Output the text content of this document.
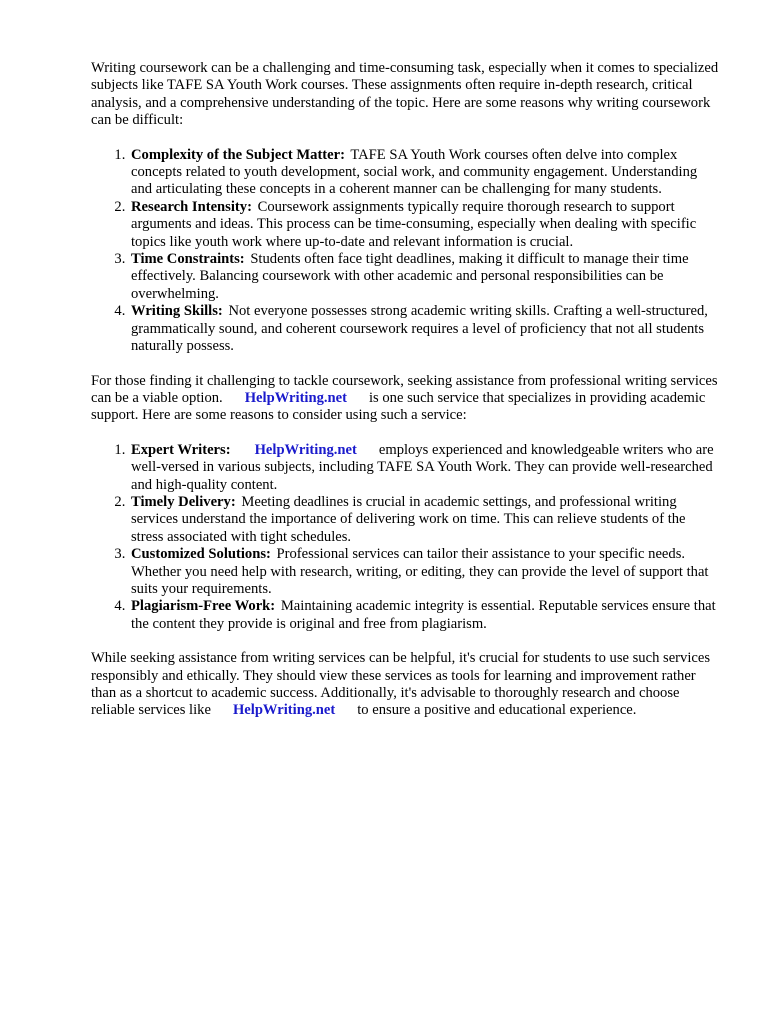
Writing coursework can be a challenging and time-consuming task, especially when it comes to specialized subjects like TAFE SA Youth Work courses. These assignments often require in-depth research, critical analysis, and a comprehensive understanding of the topic. Here are some reasons why writing coursework can be difficult:

1. Complexity of the Subject Matter: TAFE SA Youth Work courses often delve into complex concepts related to youth development, social work, and community engagement. Understanding and articulating these concepts in a coherent manner can be challenging for many students.
2. Research Intensity: Coursework assignments typically require thorough research to support arguments and ideas. This process can be time-consuming, especially when dealing with specific topics like youth work where up-to-date and relevant information is crucial.
3. Time Constraints: Students often face tight deadlines, making it difficult to manage their time effectively. Balancing coursework with other academic and personal responsibilities can be overwhelming.
4. Writing Skills: Not everyone possesses strong academic writing skills. Crafting a well-structured, grammatically sound, and coherent coursework requires a level of proficiency that not all students naturally possess.

For those finding it challenging to tackle coursework, seeking assistance from professional writing services can be a viable option. HelpWriting.net is one such service that specializes in providing academic support. Here are some reasons to consider using such a service:

1. Expert Writers: HelpWriting.net employs experienced and knowledgeable writers who are well-versed in various subjects, including TAFE SA Youth Work. They can provide well-researched and high-quality content.
2. Timely Delivery: Meeting deadlines is crucial in academic settings, and professional writing services understand the importance of delivering work on time. This can relieve students of the stress associated with tight schedules.
3. Customized Solutions: Professional services can tailor their assistance to your specific needs. Whether you need help with research, writing, or editing, they can provide the level of support that suits your requirements.
4. Plagiarism-Free Work: Maintaining academic integrity is essential. Reputable services ensure that the content they provide is original and free from plagiarism.

While seeking assistance from writing services can be helpful, it's crucial for students to use such services responsibly and ethically. They should view these services as tools for learning and improvement rather than as a shortcut to academic success. Additionally, it's advisable to thoroughly research and choose reliable services like HelpWriting.net to ensure a positive and educational experience.
